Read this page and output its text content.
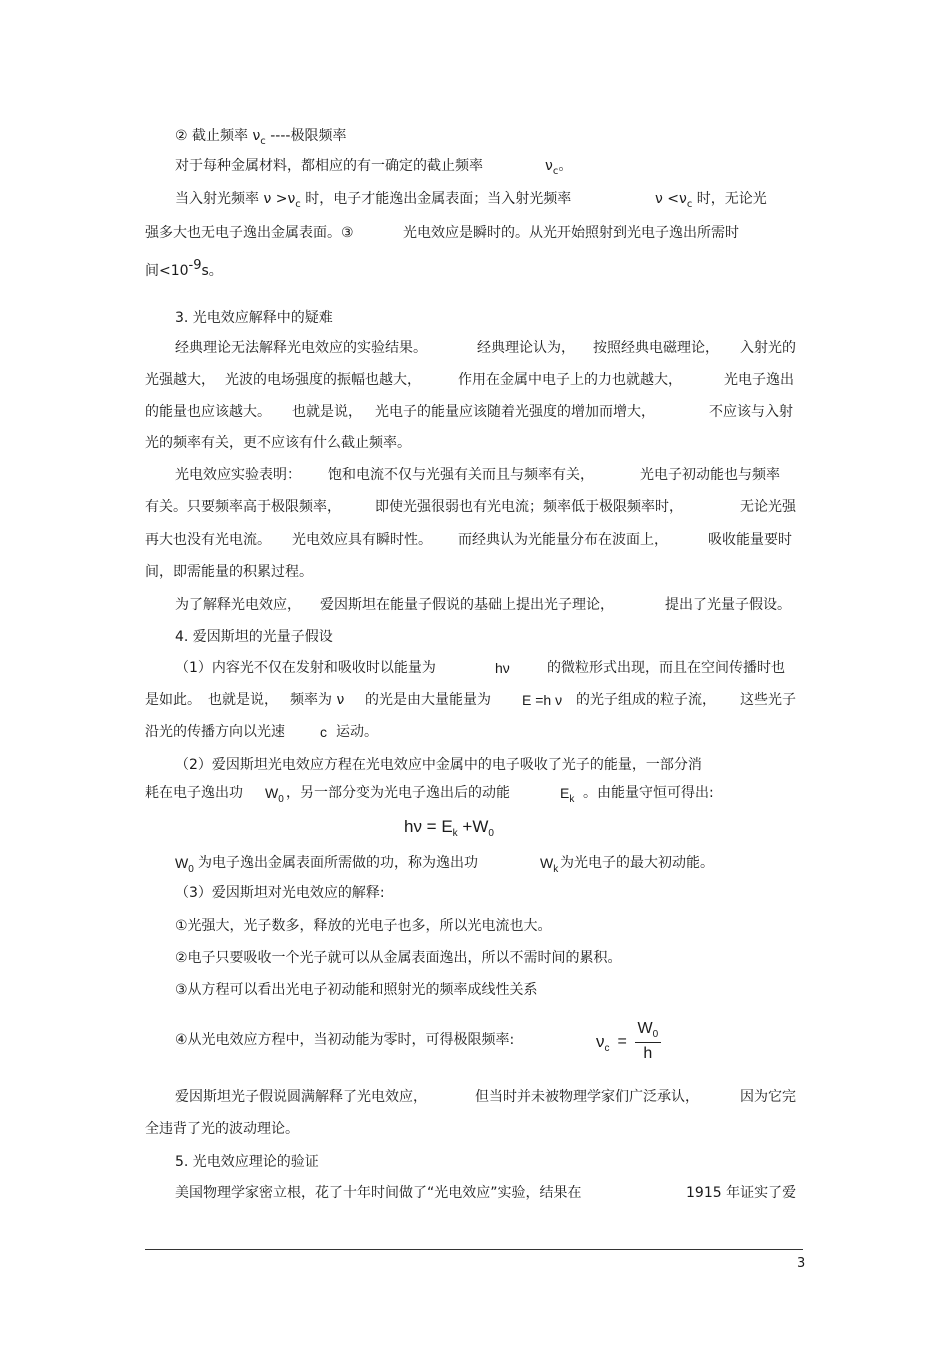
② 截止频率 $\nu_c$ ----极限频率
对于每种金属材料，都相应的有一确定的截止频率	$\nu_c$。
当入射光频率 $\nu >\nu_c$ 时，电子才能逸出金属表面；当入射光频率	$\nu <\nu_c$ 时，无论光
强多大也无电子逸出金属表面。③	光电效应是瞬时的。从光开始照射到光电子逸出所需时
间<10-9s。
3. 光电效应解释中的疑难
经典理论无法解释光电效应的实验结果。	经典理论认为， 按照经典电磁理论， 入射光的
光强越大， 光波的电场强度的振幅也越大，	作用在金属中电子上的力也就越大，	光电子逸出
的能量也应该越大。 也就是说， 光电子的能量应该随着光强度的增加而增大，	不应该与入射
光的频率有关，更不应该有什么截止频率。
光电效应实验表明： 饱和电流不仅与光强有关而且与频率有关，	光电子初动能也与频率
有关。只要频率高于极限频率， 即使光强很弱也有光电流；频率低于极限频率时，	无论光强
再大也没有光电流。 光电效应具有瞬时性。 而经典认为光能量分布在波面上，	吸收能量要时
间，即需能量的积累过程。
为了解释光电效应， 爱因斯坦在能量子假说的基础上提出光子理论，	提出了光量子假设。
4. 爱因斯坦的光量子假设
（1）内容光不仅在发射和吸收时以能量为	hν	的微粒形式出现，而且在空间传播时也
是如此。 也就是说， 频率为 ν 的光是由大量能量为 E =h ν 的光子组成的粒子流， 这些光子
沿光的传播方向以光速	c 运动。
（2）爱因斯坦光电效应方程在光电效应中金属中的电子吸收了光子的能量，一部分消
耗在电子逸出功 $W_0$ ，另一部分变为光电子逸出后的动能	$E_k$ 。由能量守恒可得出:
$h\nu = E_k +W_0$
$W_0$ 为电子逸出金属表面所需做的功，称为逸出功	$W_k$ 为光电子的最大初动能。
（3）爱因斯坦对光电效应的解释:
①光强大，光子数多，释放的光电子也多，所以光电流也大。
②电子只要吸收一个光子就可以从金属表面逸出，所以不需时间的累积。
③从方程可以看出光电子初动能和照射光的频率成线性关系
④从光电效应方程中，当初动能为零时，可得极限频率:	$\nu_c = \frac{W_0}{h}$
爱因斯坦光子假说圆满解释了光电效应，	但当时并未被物理学家们广泛承认，	因为它完
全违背了光的波动理论。
5. 光电效应理论的验证
美国物理学家密立根，花了十年时间做了“光电效应”实验，结果在	1915 年证实了爱
3
